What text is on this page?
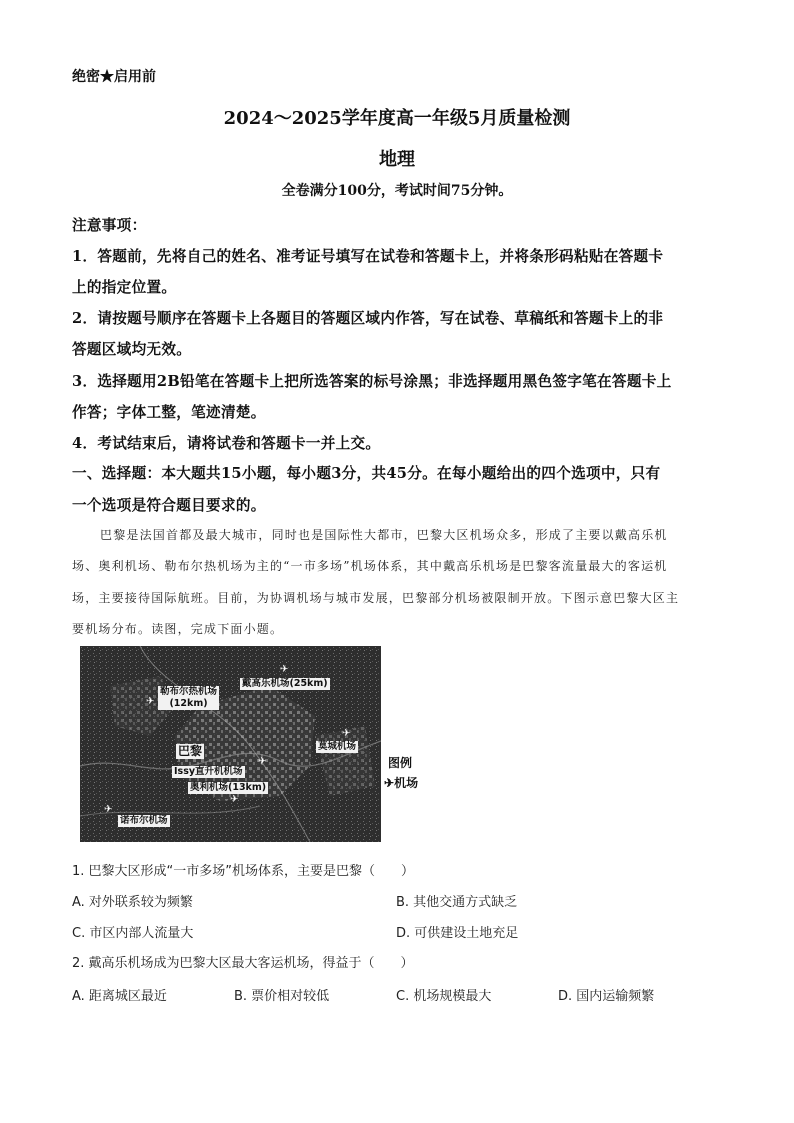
绝密★启用前
2024～2025学年度高一年级5月质量检测
地理
全卷满分100分，考试时间75分钟。
注意事项：
1．答题前，先将自己的姓名、准考证号填写在试卷和答题卡上，并将条形码粘贴在答题卡
上的指定位置。
2．请按题号顺序在答题卡上各题目的答题区域内作答，写在试卷、草稿纸和答题卡上的非
答题区域均无效。
3．选择题用2B铅笔在答题卡上把所选答案的标号涂黑；非选择题用黑色签字笔在答题卡上
作答；字体工整，笔迹清楚。
4．考试结束后，请将试卷和答题卡一并上交。
一、选择题：本大题共15小题，每小题3分，共45分。在每小题给出的四个选项中，只有
一个选项是符合题目要求的。
巴黎是法国首都及最大城市，同时也是国际性大都市，巴黎大区机场众多，形成了主要以戴高乐机
场、奥利机场、勒布尔热机场为主的“一市多场”机场体系，其中戴高乐机场是巴黎客流量最大的客运机
场，主要接待国际航班。目前，为协调机场与城市发展，巴黎部分机场被限制开放。下图示意巴黎大区主
要机场分布。读图，完成下面小题。
勒布尔热机场
(12km)
戴高乐机场(25km)
巴黎
Issy直升机机场
奥利机场(13km)
莫城机场
诺布尔机场
✈
✈
✈
✈
✈
✈	图例
✈机场
1. 巴黎大区形成“一市多场”机场体系，主要是巴黎（　　）
A. 对外联系较为频繁	B. 其他交通方式缺乏
C. 市区内部人流量大	D. 可供建设土地充足
2. 戴高乐机场成为巴黎大区最大客运机场，得益于（　　）
A. 距离城区最近	B. 票价相对较低	C. 机场规模最大	D. 国内运输频繁
